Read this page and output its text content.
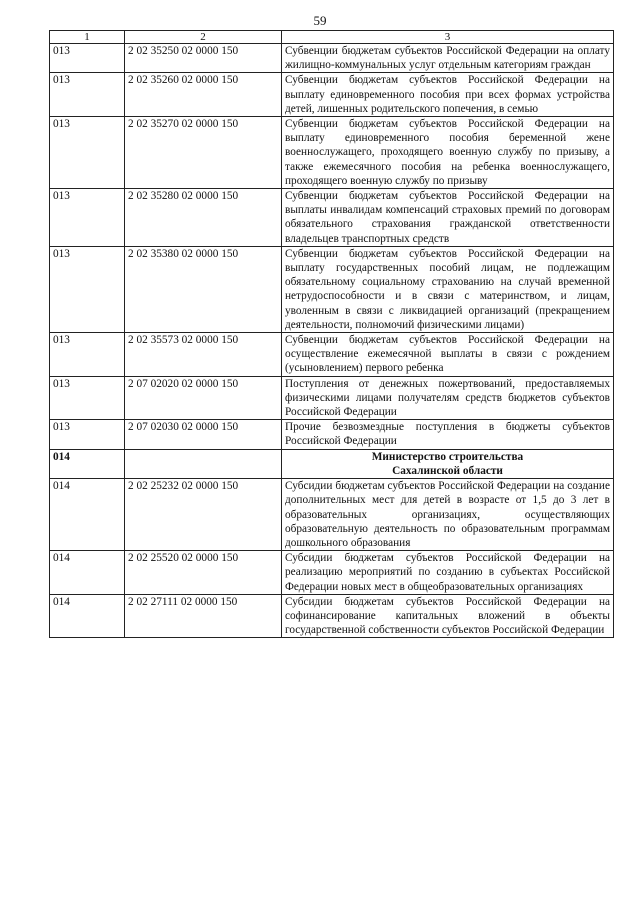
59
1	2	3
013	2 02 35250 02 0000 150	Субвенции бюджетам субъектов Российской Федерации на оплату жилищно-коммунальных услуг отдельным категориям граждан

013	2 02 35260 02 0000 150	Субвенции бюджетам субъектов Российской Федерации на выплату единовременного пособия при всех формах устройства детей, лишенных родительского попечения, в семью

013	2 02 35270 02 0000 150	Субвенции бюджетам субъектов Российской Федерации на выплату единовременного пособия беременной жене военнослужащего, проходящего военную службу по призыву, а также ежемесячного пособия на ребенка военнослужащего, проходящего военную службу по призыву

013	2 02 35280 02 0000 150	Субвенции бюджетам субъектов Российской Федерации на выплаты инвалидам компенсаций страховых премий по договорам обязательного страхования гражданской ответственности владельцев транспортных средств

013	2 02 35380 02 0000 150	Субвенции бюджетам субъектов Российской Федерации на выплату государственных пособий лицам, не подлежащим обязательному социальному страхованию на случай временной нетрудоспособности и в связи с материнством, и лицам, уволенным в связи с ликвидацией организаций (прекращением деятельности, полномочий физическими лицами)

013	2 02 35573 02 0000 150	Субвенции бюджетам субъектов Российской Федерации на осуществление ежемесячной выплаты в связи с рождением (усыновлением) первого ребенка

013	2 07 02020 02 0000 150	Поступления от денежных пожертвований, предоставляемых физическими лицами получателям средств бюджетов субъектов Российской Федерации

013	2 07 02030 02 0000 150	Прочие безвозмездные поступления в бюджеты субъектов Российской Федерации

014		Министерство строительства
Сахалинской области

014	2 02 25232 02 0000 150	Субсидии бюджетам субъектов Российской Федерации на создание дополнительных мест для детей в возрасте от 1,5 до 3 лет в образовательных организациях, осуществляющих образовательную деятельность по образовательным программам дошкольного образования

014	2 02 25520 02 0000 150	Субсидии бюджетам субъектов Российской Федерации на реализацию мероприятий по созданию в субъектах Российской Федерации новых мест в общеобразовательных организациях

014	2 02 27111 02 0000 150	Субсидии бюджетам субъектов Российской Федерации на софинансирование капитальных вложений в объекты государственной собственности субъектов Российской Федерации
